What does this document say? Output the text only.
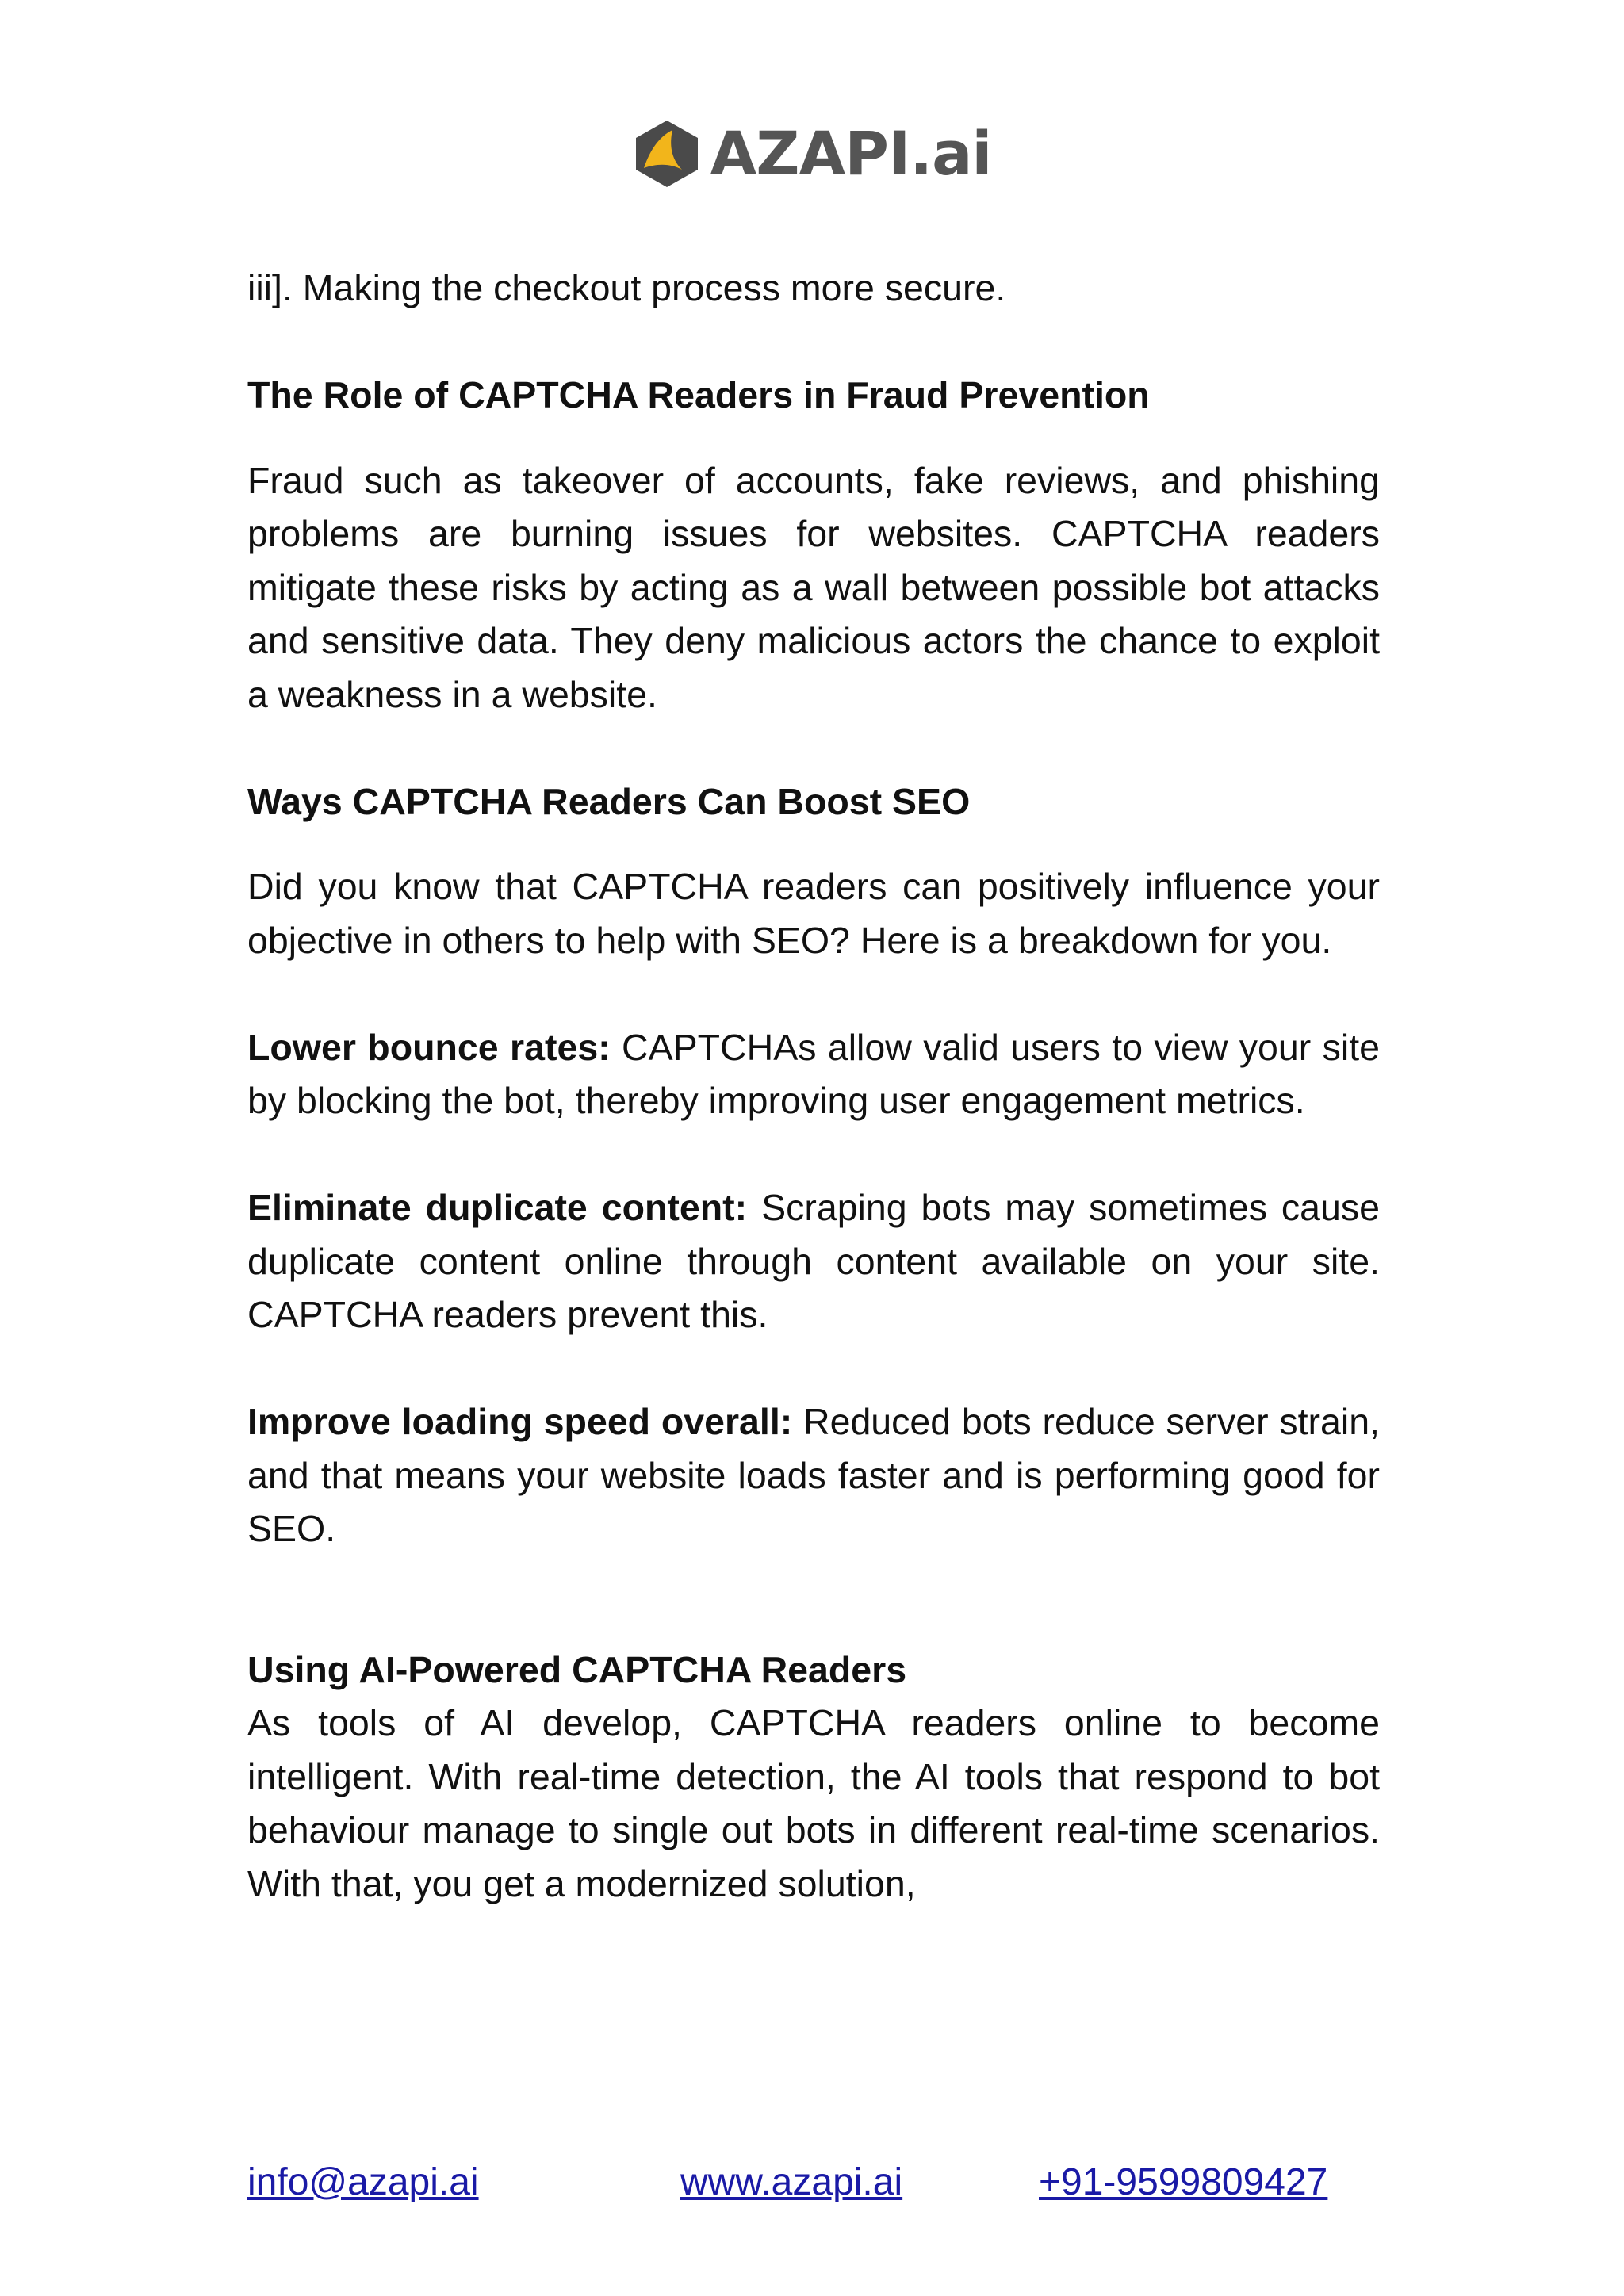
AZAPI.ai

iii]. Making the checkout process more secure.

The Role of CAPTCHA Readers in Fraud Prevention

Fraud such as takeover of accounts, fake reviews, and phishing problems are burning issues for websites. CAPTCHA readers mitigate these risks by acting as a wall between possible bot attacks and sensitive data. They deny malicious actors the chance to exploit a weakness in a website.

Ways CAPTCHA Readers Can Boost SEO

Did you know that CAPTCHA readers can positively influence your objective in others to help with SEO? Here is a breakdown for you.

Lower bounce rates: CAPTCHAs allow valid users to view your site by blocking the bot, thereby improving user engagement metrics.

Eliminate duplicate content: Scraping bots may sometimes cause duplicate content online through content available on your site. CAPTCHA readers prevent this.

Improve loading speed overall: Reduced bots reduce server strain, and that means your website loads faster and is performing good for SEO.

Using AI-Powered CAPTCHA Readers

As tools of AI develop, CAPTCHA readers online to become intelligent. With real-time detection, the AI tools that respond to bot behaviour manage to single out bots in different real-time scenarios. With that, you get a modernized solution,

info@azapi.ai	www.azapi.ai	+91-9599809427
